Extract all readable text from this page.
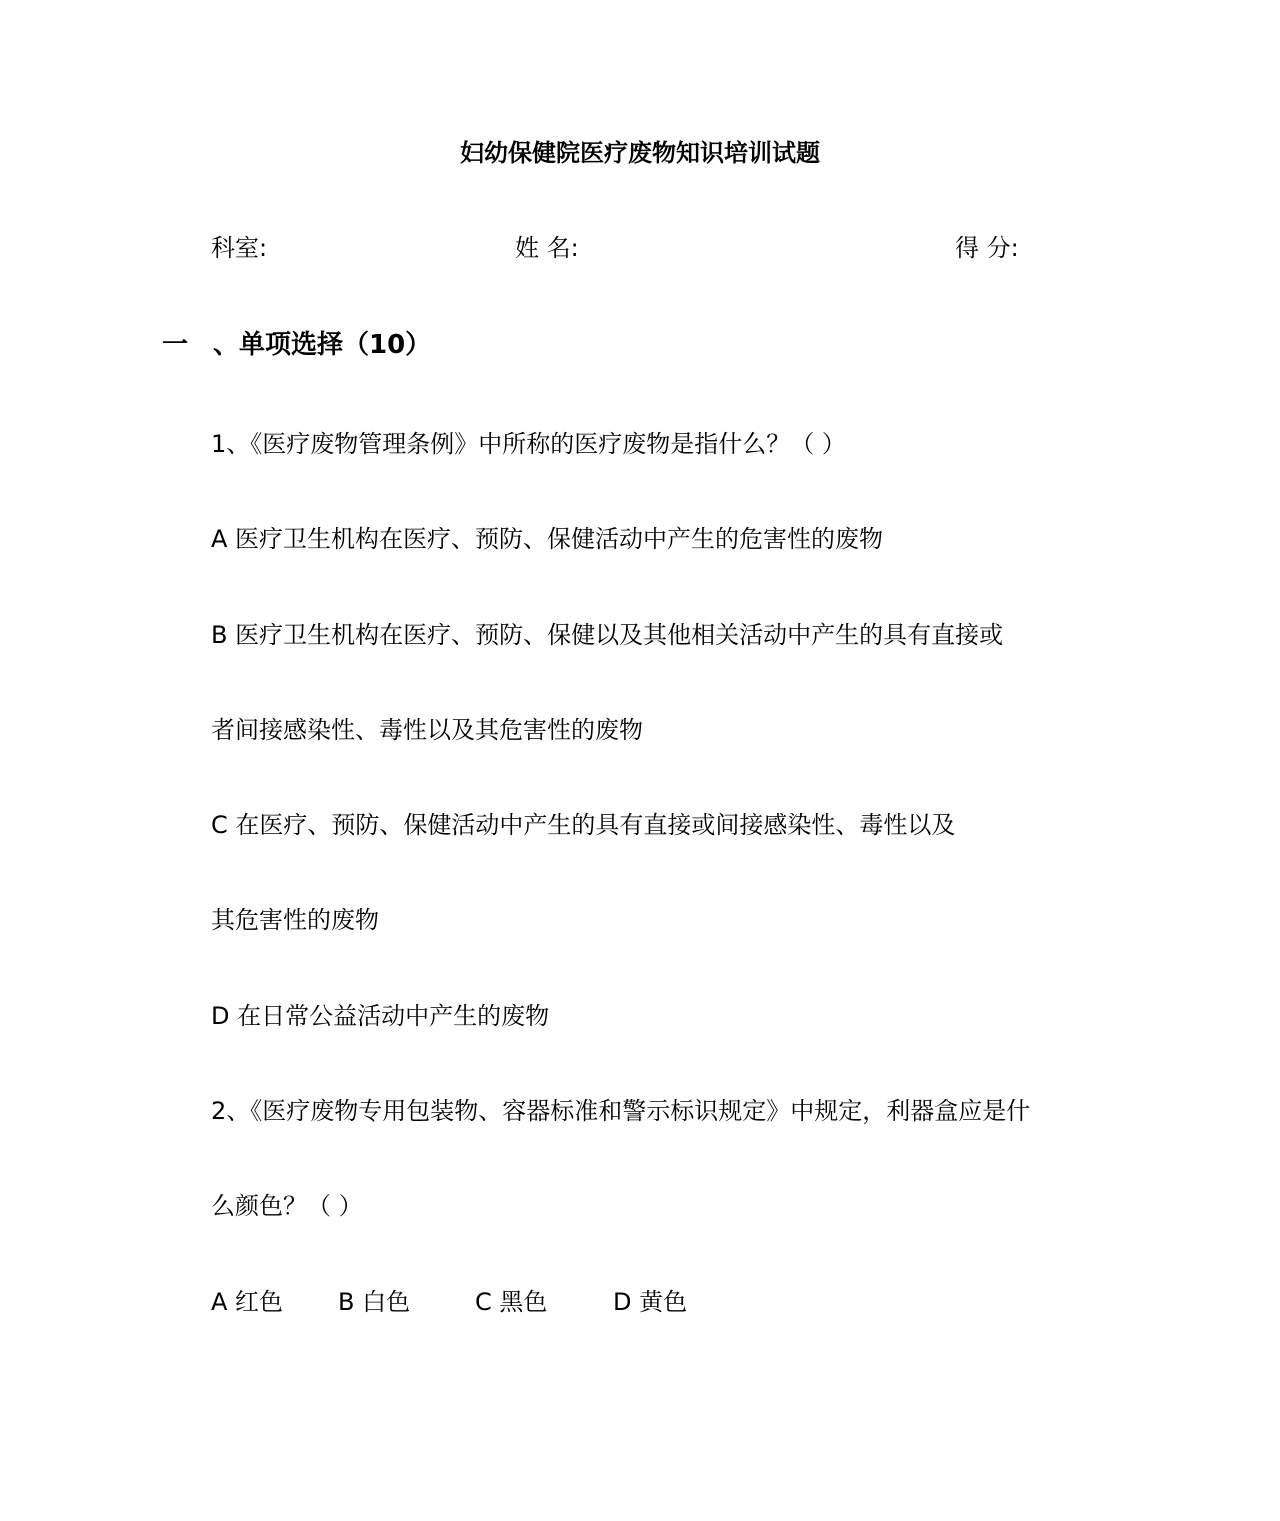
妇幼保健院医疗废物知识培训试题
科室:	姓 名:	得 分:
一 、单项选择（10）
1、《医疗废物管理条例》中所称的医疗废物是指什么？（ ）
A 医疗卫生机构在医疗、预防、保健活动中产生的危害性的废物
B 医疗卫生机构在医疗、预防、保健以及其他相关活动中产生的具有直接或
者间接感染性、毒性以及其危害性的废物
C 在医疗、预防、保健活动中产生的具有直接或间接感染性、毒性以及
其危害性的废物
D 在日常公益活动中产生的废物
2、《医疗废物专用包装物、容器标准和警示标识规定》中规定，利器盒应是什
么颜色？（ ）
A 红色 B 白色	C 黑色	D 黄色
